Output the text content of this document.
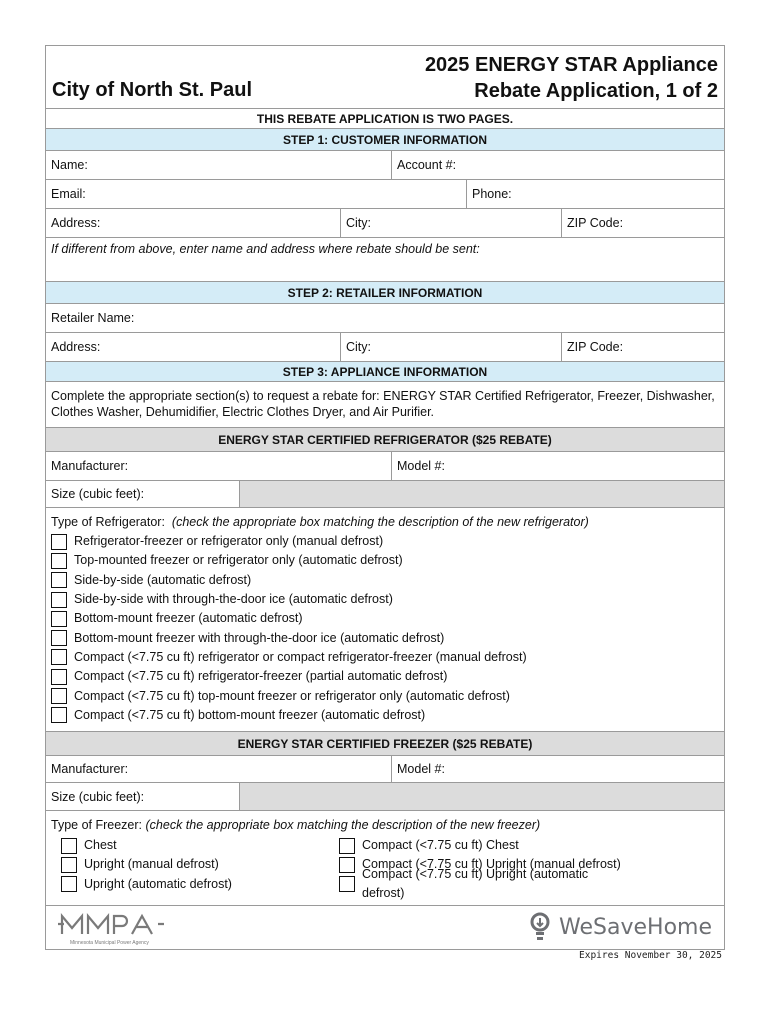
City of North St. Paul
2025 ENERGY STAR Appliance
Rebate Application, 1 of 2
THIS REBATE APPLICATION IS TWO PAGES.
STEP 1: CUSTOMER INFORMATION
Name:	Account #:
Email:	Phone:
Address:	City:	ZIP Code:
If different from above, enter name and address where rebate should be sent:
STEP 2: RETAILER INFORMATION
Retailer Name:
Address:	City:	ZIP Code:
STEP 3: APPLIANCE INFORMATION
Complete the appropriate section(s) to request a rebate for: ENERGY STAR Certified Refrigerator, Freezer, Dishwasher, Clothes Washer, Dehumidifier, Electric Clothes Dryer, and Air Purifier.
ENERGY STAR CERTIFIED REFRIGERATOR ($25 REBATE)
Manufacturer:	Model #:
Size (cubic feet):
Type of Refrigerator: (check the appropriate box matching the description of the new refrigerator)
Refrigerator-freezer or refrigerator only (manual defrost)
Top-mounted freezer or refrigerator only (automatic defrost)
Side-by-side (automatic defrost)
Side-by-side with through-the-door ice (automatic defrost)
Bottom-mount freezer (automatic defrost)
Bottom-mount freezer with through-the-door ice (automatic defrost)
Compact (<7.75 cu ft) refrigerator or compact refrigerator-freezer (manual defrost)
Compact (<7.75 cu ft) refrigerator-freezer (partial automatic defrost)
Compact (<7.75 cu ft) top-mount freezer or refrigerator only (automatic defrost)
Compact (<7.75 cu ft) bottom-mount freezer (automatic defrost)
ENERGY STAR CERTIFIED FREEZER ($25 REBATE)
Manufacturer:	Model #:
Size (cubic feet):
Type of Freezer: (check the appropriate box matching the description of the new freezer)
Chest
Upright (manual defrost)
Upright (automatic defrost)
Compact (<7.75 cu ft) Chest
Compact (<7.75 cu ft) Upright (manual defrost)
Compact (<7.75 cu ft) Upright (automatic defrost)
Minnesota Municipal Power Agency
WeSaveHome
Expires November 30, 2025
